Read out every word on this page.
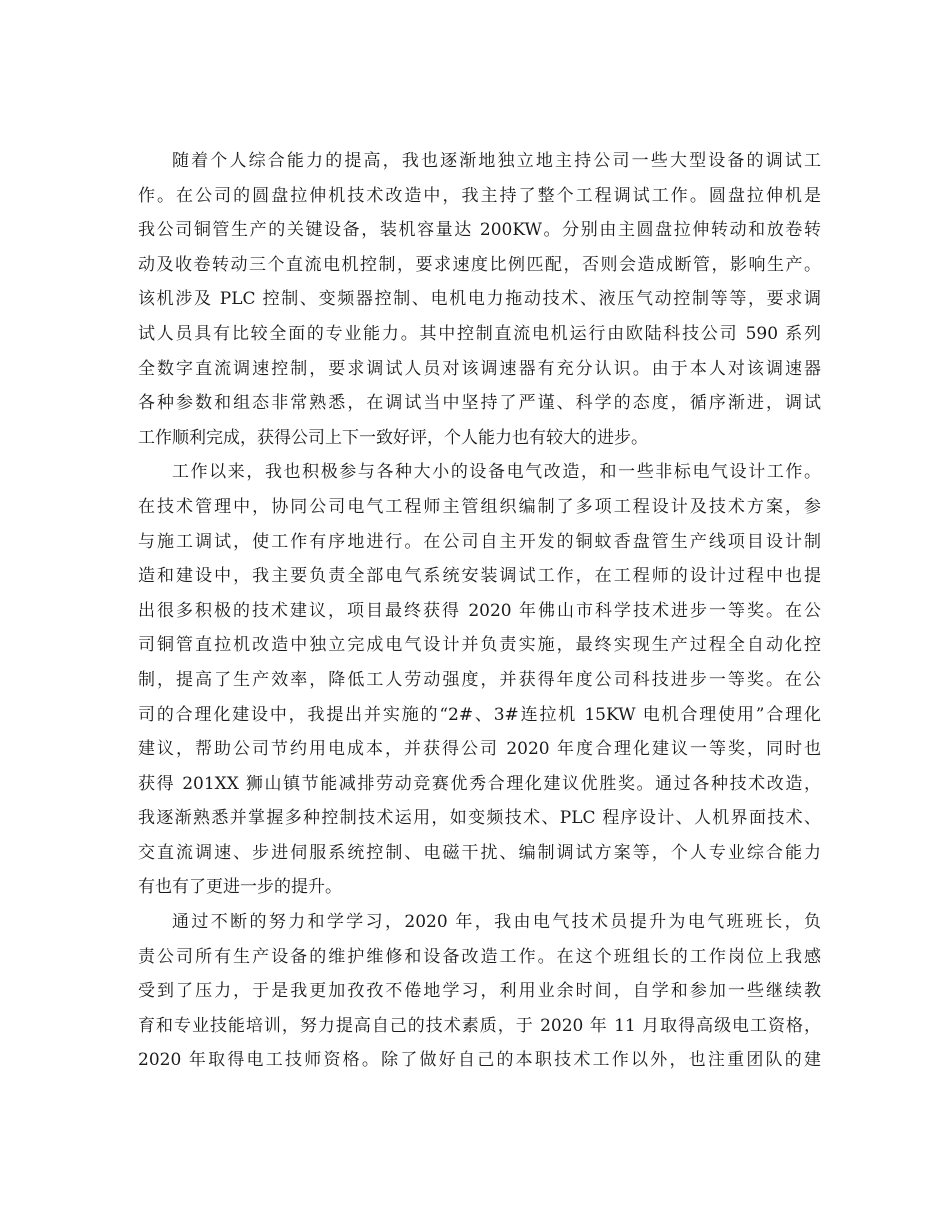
随着个人综合能力的提高，我也逐渐地独立地主持公司一些大型设备的调试工
作。在公司的圆盘拉伸机技术改造中，我主持了整个工程调试工作。圆盘拉伸机是
我公司铜管生产的关键设备，装机容量达 200KW。分别由主圆盘拉伸转动和放卷转
动及收卷转动三个直流电机控制，要求速度比例匹配，否则会造成断管，影响生产。
该机涉及 PLC 控制、变频器控制、电机电力拖动技术、液压气动控制等等，要求调
试人员具有比较全面的专业能力。其中控制直流电机运行由欧陆科技公司 590 系列
全数字直流调速控制，要求调试人员对该调速器有充分认识。由于本人对该调速器
各种参数和组态非常熟悉，在调试当中坚持了严谨、科学的态度，循序渐进，调试
工作顺利完成，获得公司上下一致好评，个人能力也有较大的进步。
工作以来，我也积极参与各种大小的设备电气改造，和一些非标电气设计工作。
在技术管理中，协同公司电气工程师主管组织编制了多项工程设计及技术方案，参
与施工调试，使工作有序地进行。在公司自主开发的铜蚊香盘管生产线项目设计制
造和建设中，我主要负责全部电气系统安装调试工作，在工程师的设计过程中也提
出很多积极的技术建议，项目最终获得 2020 年佛山市科学技术进步一等奖。在公
司铜管直拉机改造中独立完成电气设计并负责实施，最终实现生产过程全自动化控
制，提高了生产效率，降低工人劳动强度，并获得年度公司科技进步一等奖。在公
司的合理化建设中，我提出并实施的“2#、3#连拉机 15KW 电机合理使用”合理化
建议，帮助公司节约用电成本，并获得公司 2020 年度合理化建议一等奖，同时也
获得 201XX 狮山镇节能减排劳动竞赛优秀合理化建议优胜奖。通过各种技术改造，
我逐渐熟悉并掌握多种控制技术运用，如变频技术、PLC 程序设计、人机界面技术、
交直流调速、步进伺服系统控制、电磁干扰、编制调试方案等，个人专业综合能力
有也有了更进一步的提升。
通过不断的努力和学学习，2020 年，我由电气技术员提升为电气班班长，负
责公司所有生产设备的维护维修和设备改造工作。在这个班组长的工作岗位上我感
受到了压力，于是我更加孜孜不倦地学习，利用业余时间，自学和参加一些继续教
育和专业技能培训，努力提高自己的技术素质，于 2020 年 11 月取得高级电工资格，
2020 年取得电工技师资格。除了做好自己的本职技术工作以外，也注重团队的建
